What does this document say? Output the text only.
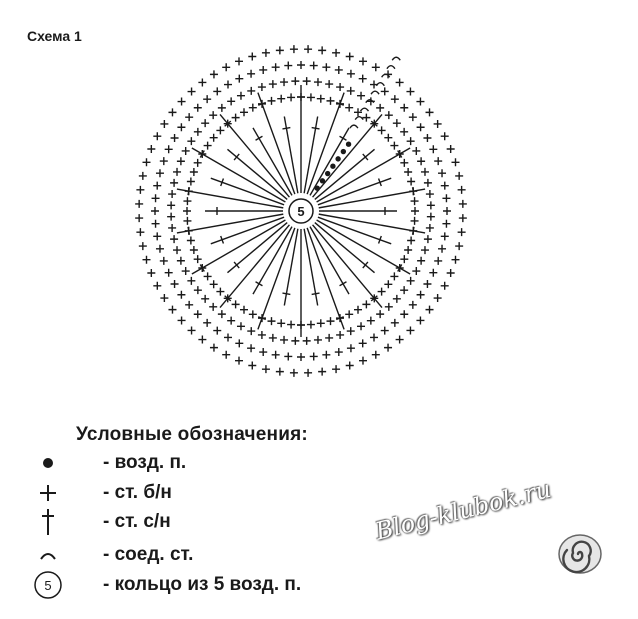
Схема 1
5
Условные обозначения:
- возд. п.
- ст. б/н
- ст. с/н
- соед. ст.
5	- кольцо из 5 возд. п.
Blog-klubok.ru
